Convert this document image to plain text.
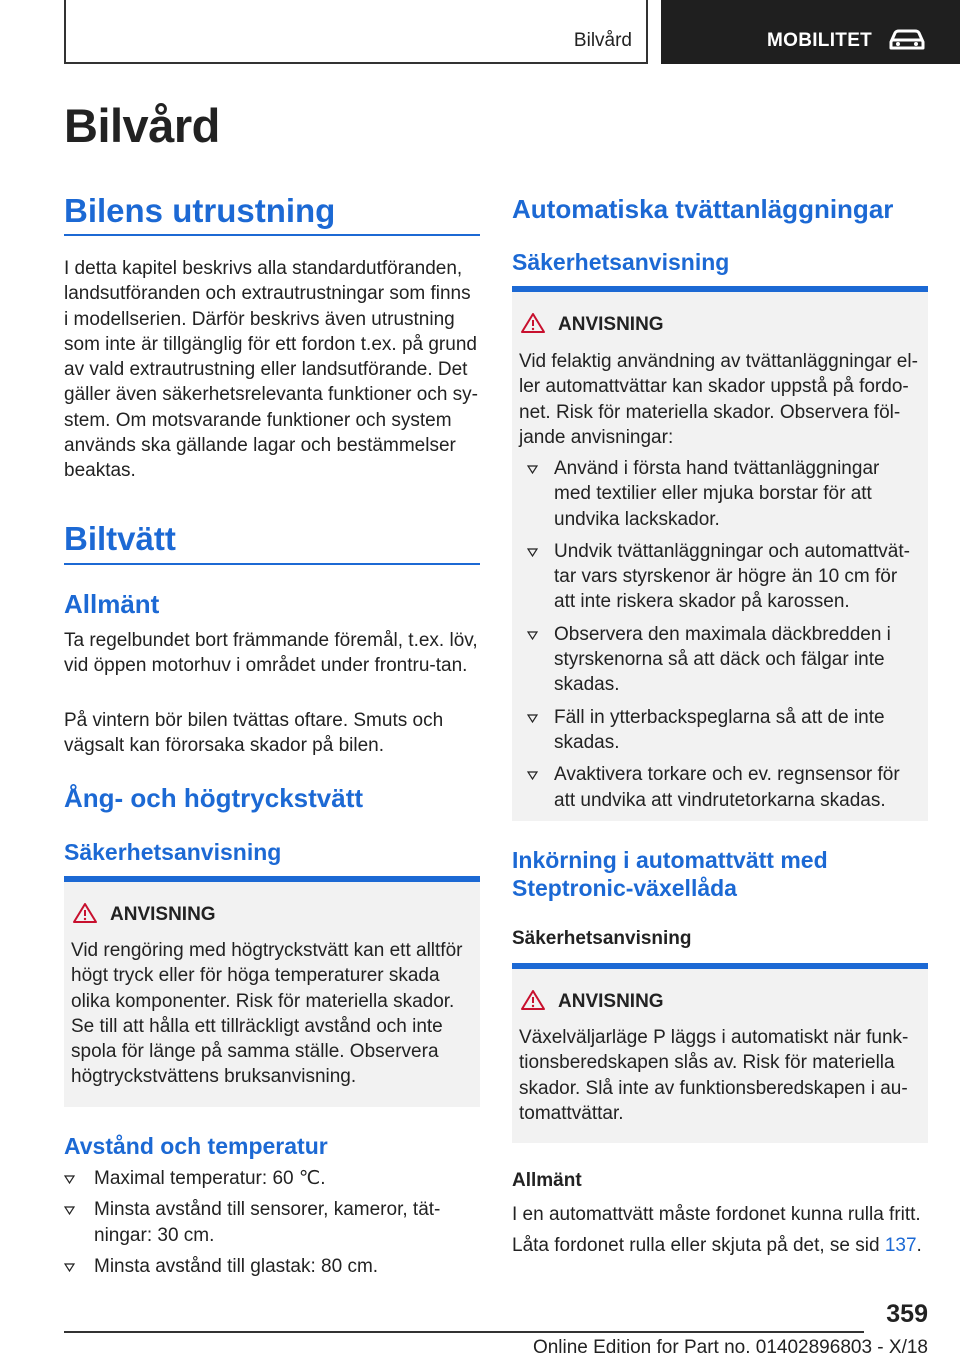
Bilvård	MOBILITET
Bilvård
Bilens utrustning

I detta kapitel beskrivs alla standardutföranden, landsutföranden och extrautrustningar som finns i modellserien. Därför beskrivs även utrustning som inte är tillgänglig för ett fordon t.ex. på grund av vald extrautrustning eller landsutförande. Det gäller även säkerhetsrelevanta funktioner och sy-stem. Om motsvarande funktioner och system används ska gällande lagar och bestämmelser beaktas.

Biltvätt
Allmänt

Ta regelbundet bort främmande föremål, t.ex. löv, vid öppen motorhuv i området under frontru-tan.

På vintern bör bilen tvättas oftare. Smuts och vägsalt kan förorsaka skador på bilen.

Ång- och högtryckstvätt
Säkerhetsanvisning
ANVISNING
Vid rengöring med högtryckstvätt kan ett alltför högt tryck eller för höga temperaturer skada olika komponenter. Risk för materiella skador. Se till att hålla ett tillräckligt avstånd och inte spola för länge på samma ställe. Observera högtryckstvättens bruksanvisning.
Avstånd och temperatur
Maximal temperatur: 60 ℃.
Minsta avstånd till sensorer, kameror, tät-ningar: 30 cm.
Minsta avstånd till glastak: 80 cm.
Automatiska tvättanläggningar
Säkerhetsanvisning
ANVISNING
Vid felaktig användning av tvättanläggningar el-ler automattvättar kan skador uppstå på fordo-net. Risk för materiella skador. Observera föl-jande anvisningar:
Använd i första hand tvättanläggningar med textilier eller mjuka borstar för att undvika lackskador.
Undvik tvättanläggningar och automattvät-tar vars styrskenor är högre än 10 cm för att inte riskera skador på karossen.
Observera den maximala däckbredden i styrskenorna så att däck och fälgar inte skadas.
Fäll in ytterbackspeglarna så att de inte skadas.
Avaktivera torkare och ev. regnsensor för att undvika att vindrutetorkarna skadas.
Inkörning i automattvätt med Steptronic-växellåda

Säkerhetsanvisning

ANVISNING
Växelväljarläge P läggs i automatiskt när funk-tionsberedskapen slås av. Risk för materiella skador. Slå inte av funktionsberedskapen i au-tomattvättar.

Allmänt

I en automattvätt måste fordonet kunna rulla fritt.

Låta fordonet rulla eller skjuta på det, se sid 137.

359
Online Edition for Part no. 01402896803 - X/18
